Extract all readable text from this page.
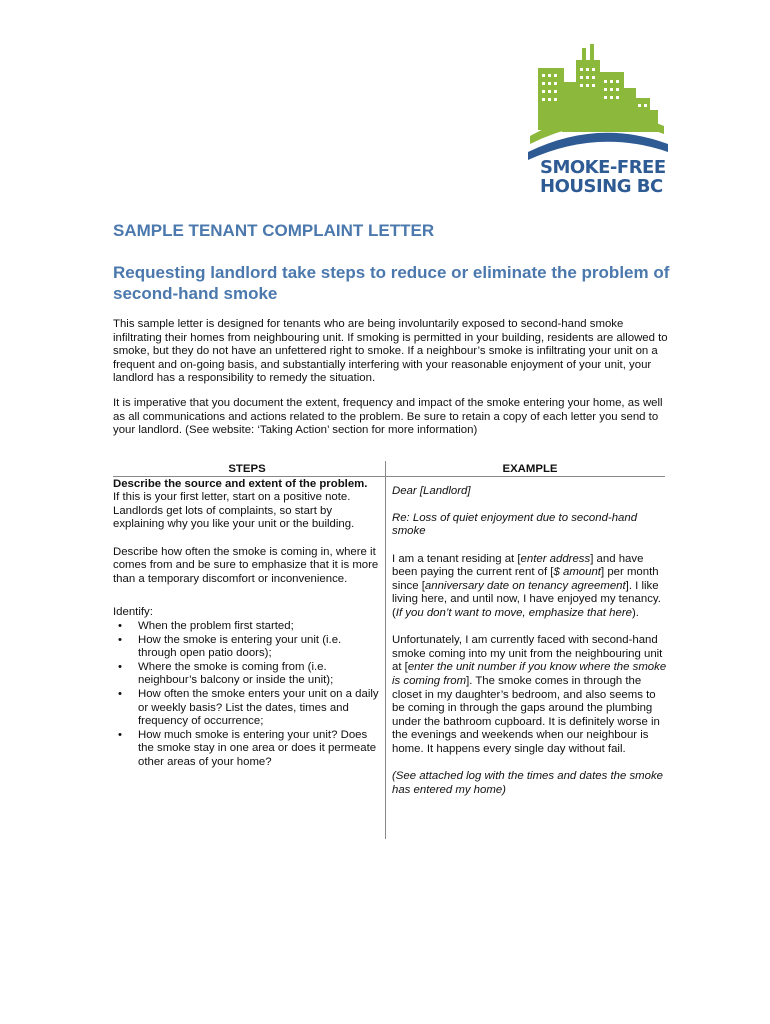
SMOKE-FREE
HOUSING BC
SAMPLE TENANT COMPLAINT LETTER
Requesting landlord take steps to reduce or eliminate the problem of second-hand smoke

This sample letter is designed for tenants who are being involuntarily exposed to second-hand smoke infiltrating their homes from neighbouring unit. If smoking is permitted in your building, residents are allowed to smoke, but they do not have an unfettered right to smoke. If a neighbour’s smoke is infiltrating your unit on a frequent and on-going basis, and substantially interfering with your reasonable enjoyment of your unit, your landlord has a responsibility to remedy the situation.

It is imperative that you document the extent, frequency and impact of the smoke entering your home, as well as all communications and actions related to the problem. Be sure to retain a copy of each letter you send to your landlord. (See website: ‘Taking Action’ section for more information)

STEPS

Describe the source and extent of the problem.

If this is your first letter, start on a positive note. Landlords get lots of complaints, so start by explaining why you like your unit or the building.

Describe how often the smoke is coming in, where it comes from and be sure to emphasize that it is more than a temporary discomfort or inconvenience.

Identify:

• When the problem first started;
• How the smoke is entering your unit (i.e. through open patio doors);
• Where the smoke is coming from (i.e. neighbour’s balcony or inside the unit);
• How often the smoke enters your unit on a daily or weekly basis? List the dates, times and frequency of occurrence;
• How much smoke is entering your unit? Does the smoke stay in one area or does it permeate other areas of your home?

EXAMPLE

Dear [Landlord]

Re: Loss of quiet enjoyment due to second-hand smoke

I am a tenant residing at [enter address] and have been paying the current rent of [$ amount] per month since [anniversary date on tenancy agreement]. I like living here, and until now, I have enjoyed my tenancy. (If you don’t want to move, emphasize that here).

Unfortunately, I am currently faced with second-hand smoke coming into my unit from the neighbouring unit at [enter the unit number if you know where the smoke is coming from]. The smoke comes in through the closet in my daughter’s bedroom, and also seems to be coming in through the gaps around the plumbing under the bathroom cupboard. It is definitely worse in the evenings and weekends when our neighbour is home. It happens every single day without fail.

(See attached log with the times and dates the smoke has entered my home)
